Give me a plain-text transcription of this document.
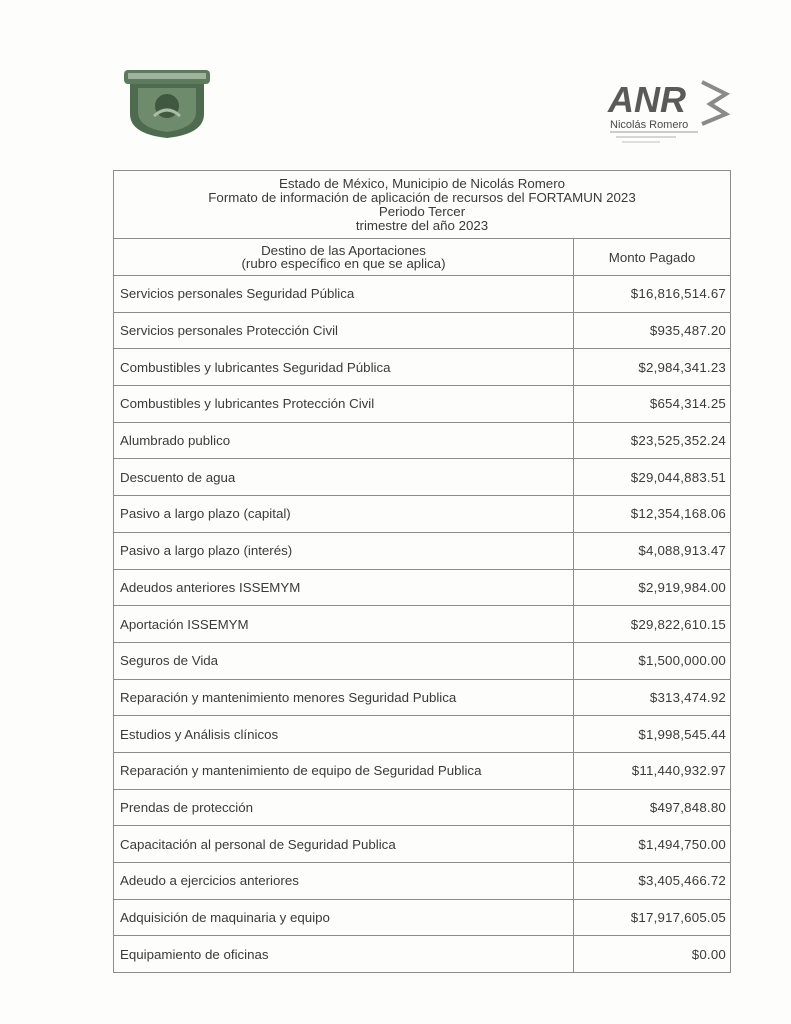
ANR
Nicolás Romero
Estado de México, Municipio de Nicolás Romero
Formato de información de aplicación de recursos del FORTAMUN 2023
Periodo Tercer
trimestre del año 2023	

Destino de las Aportaciones
(rubro específico en que se aplica)	Monto Pagado
Servicios personales Seguridad Pública	$16,816,514.67
Servicios personales Protección Civil	$935,487.20
Combustibles y lubricantes Seguridad Pública	$2,984,341.23
Combustibles y lubricantes Protección Civil	$654,314.25
Alumbrado publico	$23,525,352.24
Descuento de agua	$29,044,883.51
Pasivo a largo plazo (capital)	$12,354,168.06
Pasivo a largo plazo (interés)	$4,088,913.47
Adeudos anteriores ISSEMYM	$2,919,984.00
Aportación ISSEMYM	$29,822,610.15
Seguros de Vida	$1,500,000.00
Reparación y mantenimiento menores Seguridad Publica	$313,474.92
Estudios y Análisis clínicos	$1,998,545.44
Reparación y mantenimiento de equipo de Seguridad Publica	$11,440,932.97
Prendas de protección	$497,848.80
Capacitación al personal de Seguridad Publica	$1,494,750.00
Adeudo a ejercicios anteriores	$3,405,466.72
Adquisición de maquinaria y equipo	$17,917,605.05
Equipamiento de oficinas	$0.00
